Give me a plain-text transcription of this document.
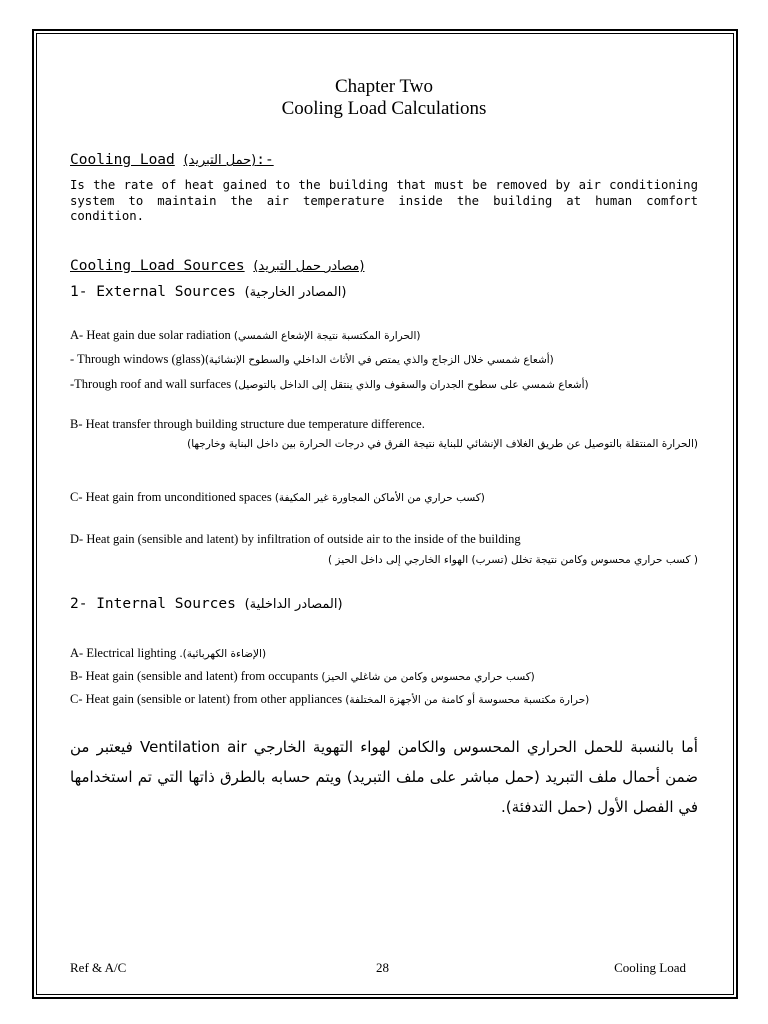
Chapter Two
Cooling Load Calculations
Cooling Load (حمل التبريد):-
Is the rate of heat gained to the building that must be removed by air conditioning system to maintain the air temperature inside the building at human comfort condition.
Cooling Load Sources (مصادر حمل التبريد)
1- External Sources (المصادر الخارجية)
A- Heat gain due solar radiation (الحرارة المكتسبة نتيجة الإشعاع الشمسي)
- Through windows (glass)(أشعاع شمسي خلال الزجاج والذي يمتص في الأثاث الداخلي والسطوح الإنشائية)
-Through roof and wall surfaces (أشعاع شمسي على سطوح الجدران والسقوف والذي ينتقل إلى الداخل بالتوصيل)
B- Heat transfer through building structure due temperature difference.
(الحرارة المنتقلة بالتوصيل عن طريق الغلاف الإنشائي للبناية نتيجة الفرق في درجات الحرارة بين داخل البناية وخارجها)
C- Heat gain from unconditioned spaces (كسب حراري من الأماكن المجاورة غير المكيفة)
D- Heat gain (sensible and latent) by infiltration of outside air to the inside of the building
( كسب حراري محسوس وكامن نتيجة تخلل (تسرب) الهواء الخارجي إلى داخل الحيز )
2- Internal Sources (المصادر الداخلية)
A- Electrical lighting (الإضاءة الكهربائية).
B- Heat gain (sensible and latent) from occupants (كسب حراري محسوس وكامن من شاغلي الحيز)
C- Heat gain (sensible or latent) from other appliances (حرارة مكتسبة محسوسة أو كامنة من الأجهزة المختلفة)
أما بالنسبة للحمل الحراري المحسوس والكامن لهواء التهوية الخارجي Ventilation air فيعتبر من ضمن أحمال ملف التبريد (حمل مباشر على ملف التبريد) ويتم حسابه بالطرق ذاتها التي تم استخدامها في الفصل الأول (حمل التدفئة).
Ref & A/C	28	Cooling Load
